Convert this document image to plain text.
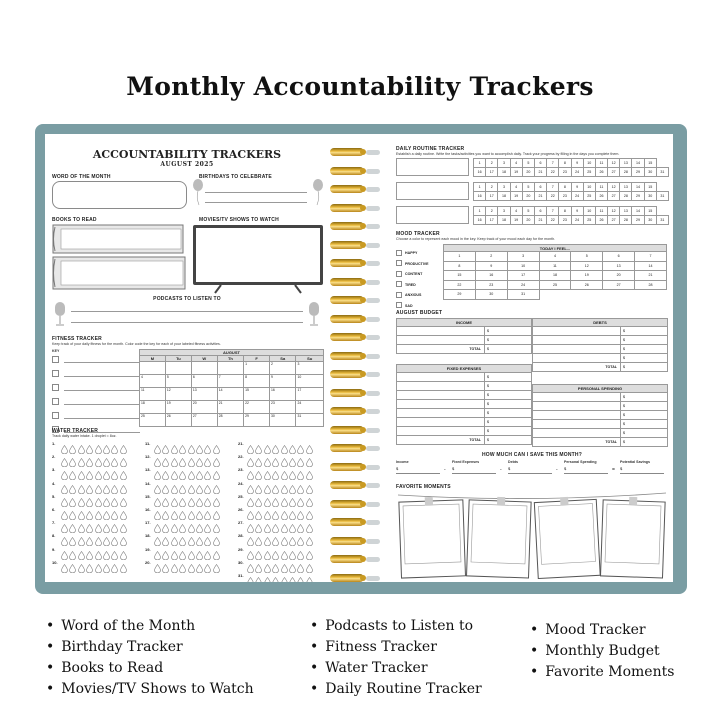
Monthly Accountability Trackers
ACCOUNTABILITY TRACKERS
AUGUST 2025
WORD OF THE MONTH	BIRTHDAYS TO CELEBRATE
BOOKS TO READ	MOVIES/TV SHOWS TO WATCH
PODCASTS TO LISTEN TO
FITNESS TRACKER
Keep track of your daily fitness for the month. Color code the key for each of your labeled fitness activities.
KEY	AUGUST						
M	Tu	W	Th	F	Sa	Su
				1	2	3
4	5	6	7	8	9	10
11	12	13	14	15	16	17
18	19	20	21	22	23	24
25	26	27	28	29	30	31
WATER TRACKER
Track daily water intake. 1 droplet = 8oz.
1.
2.
3.
4.
5.
6.
7.
8.
9.
10.
11.
12.
13.
14.
15.
16.
17.
18.
19.
20.
21.
22.
23.
24.
25.
26.
27.
28.
29.
30.
31.
DAILY ROUTINE TRACKER
Establish a daily routine. Write the tasks/activities you want to accomplish daily. Track your progress by filling in the days you complete them.
1	2	3	4	5	6	7	8	9	10	11	12	13	14	15	
16	17	18	19	20	21	22	23	24	25	26	27	28	29	30	31
1	2	3	4	5	6	7	8	9	10	11	12	13	14	15	
16	17	18	19	20	21	22	23	24	25	26	27	28	29	30	31
1	2	3	4	5	6	7	8	9	10	11	12	13	14	15	
16	17	18	19	20	21	22	23	24	25	26	27	28	29	30	31
MOOD TRACKER
Choose a color to represent each mood in the key. Keep track of your mood each day for the month.
HAPPY
PRODUCTIVE
CONTENT
TIRED
ANXIOUS
SAD
TODAY I FEEL...						
1	2	3	4	5	6	7
8	9	10	11	12	13	14
15	16	17	18	19	20	21
22	23	24	25	26	27	28
29	30	31				
AUGUST BUDGET
INCOME	
	$
	$
TOTAL	$
DEBTS	
	$
	$
	$
	$
TOTAL	$
FIXED EXPENSES	
	$
	$
	$
	$
	$
	$
	$
TOTAL	$
PERSONAL SPENDING	
	$
	$
	$
	$
	$
TOTAL	$
HOW MUCH CAN I SAVE THIS MONTH?
Income
$	-
Fixed Expenses
$	-
Debts
$	-
Personal Spending
$	=
Potential Savings
$
FAVORITE MOMENTS
• Word of the Month
• Birthday Tracker
• Books to Read
• Movies/TV Shows to Watch
• Podcasts to Listen to
• Fitness Tracker
• Water Tracker
• Daily Routine Tracker
• Mood Tracker
• Monthly Budget
• Favorite Moments
